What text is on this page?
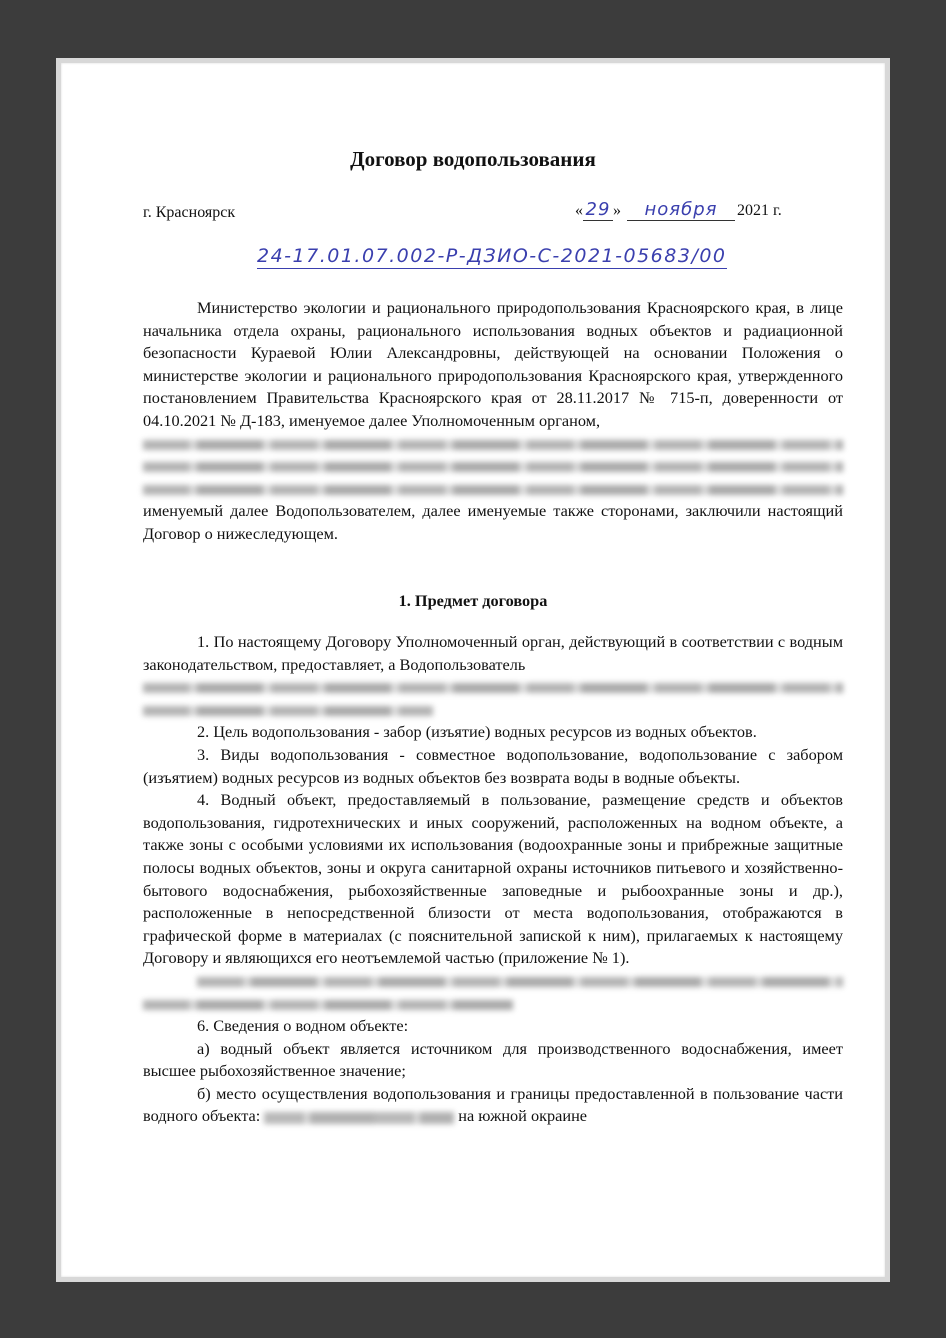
Договор водопользования
г. Красноярск	« 29 » ноября 2021 г.
24-17.01.07.002-Р-ДЗИО-С-2021-05683/00

Министерство экологии и рационального природопользования Красноярского края, в лице начальника отдела охраны, рационального использования водных объектов и радиационной безопасности Кураевой Юлии Александровны, действующей на основании Положения о министерстве экологии и рационального природопользования Красноярского края, утвержденного постановлением Правительства Красноярского края от 28.11.2017 № 715-п, доверенности от 04.10.2021 № Д-183, именуемое далее Уполномоченным органом,

именуемый далее Водопользователем, далее именуемые также сторонами, заключили настоящий Договор о нижеследующем.

1. Предмет договора

1. По настоящему Договору Уполномоченный орган, действующий в соответствии с водным законодательством, предоставляет, а Водопользователь

2. Цель водопользования - забор (изъятие) водных ресурсов из водных объектов.

3. Виды водопользования - совместное водопользование, водопользование с забором (изъятием) водных ресурсов из водных объектов без возврата воды в водные объекты.

4. Водный объект, предоставляемый в пользование, размещение средств и объектов водопользования, гидротехнических и иных сооружений, расположенных на водном объекте, а также зоны с особыми условиями их использования (водоохранные зоны и прибрежные защитные полосы водных объектов, зоны и округа санитарной охраны источников питьевого и хозяйственно-бытового водоснабжения, рыбохозяйственные заповедные и рыбоохранные зоны и др.), расположенные в непосредственной близости от места водопользования, отображаются в графической форме в материалах (с пояснительной запиской к ним), прилагаемых к настоящему Договору и являющихся его неотъемлемой частью (приложение № 1).

6. Сведения о водном объекте:

а) водный объект является источником для производственного водоснабжения, имеет высшее рыбохозяйственное значение;

б) место осуществления водопользования и границы предоставленной в пользование части водного объекта:	на южной окраине
